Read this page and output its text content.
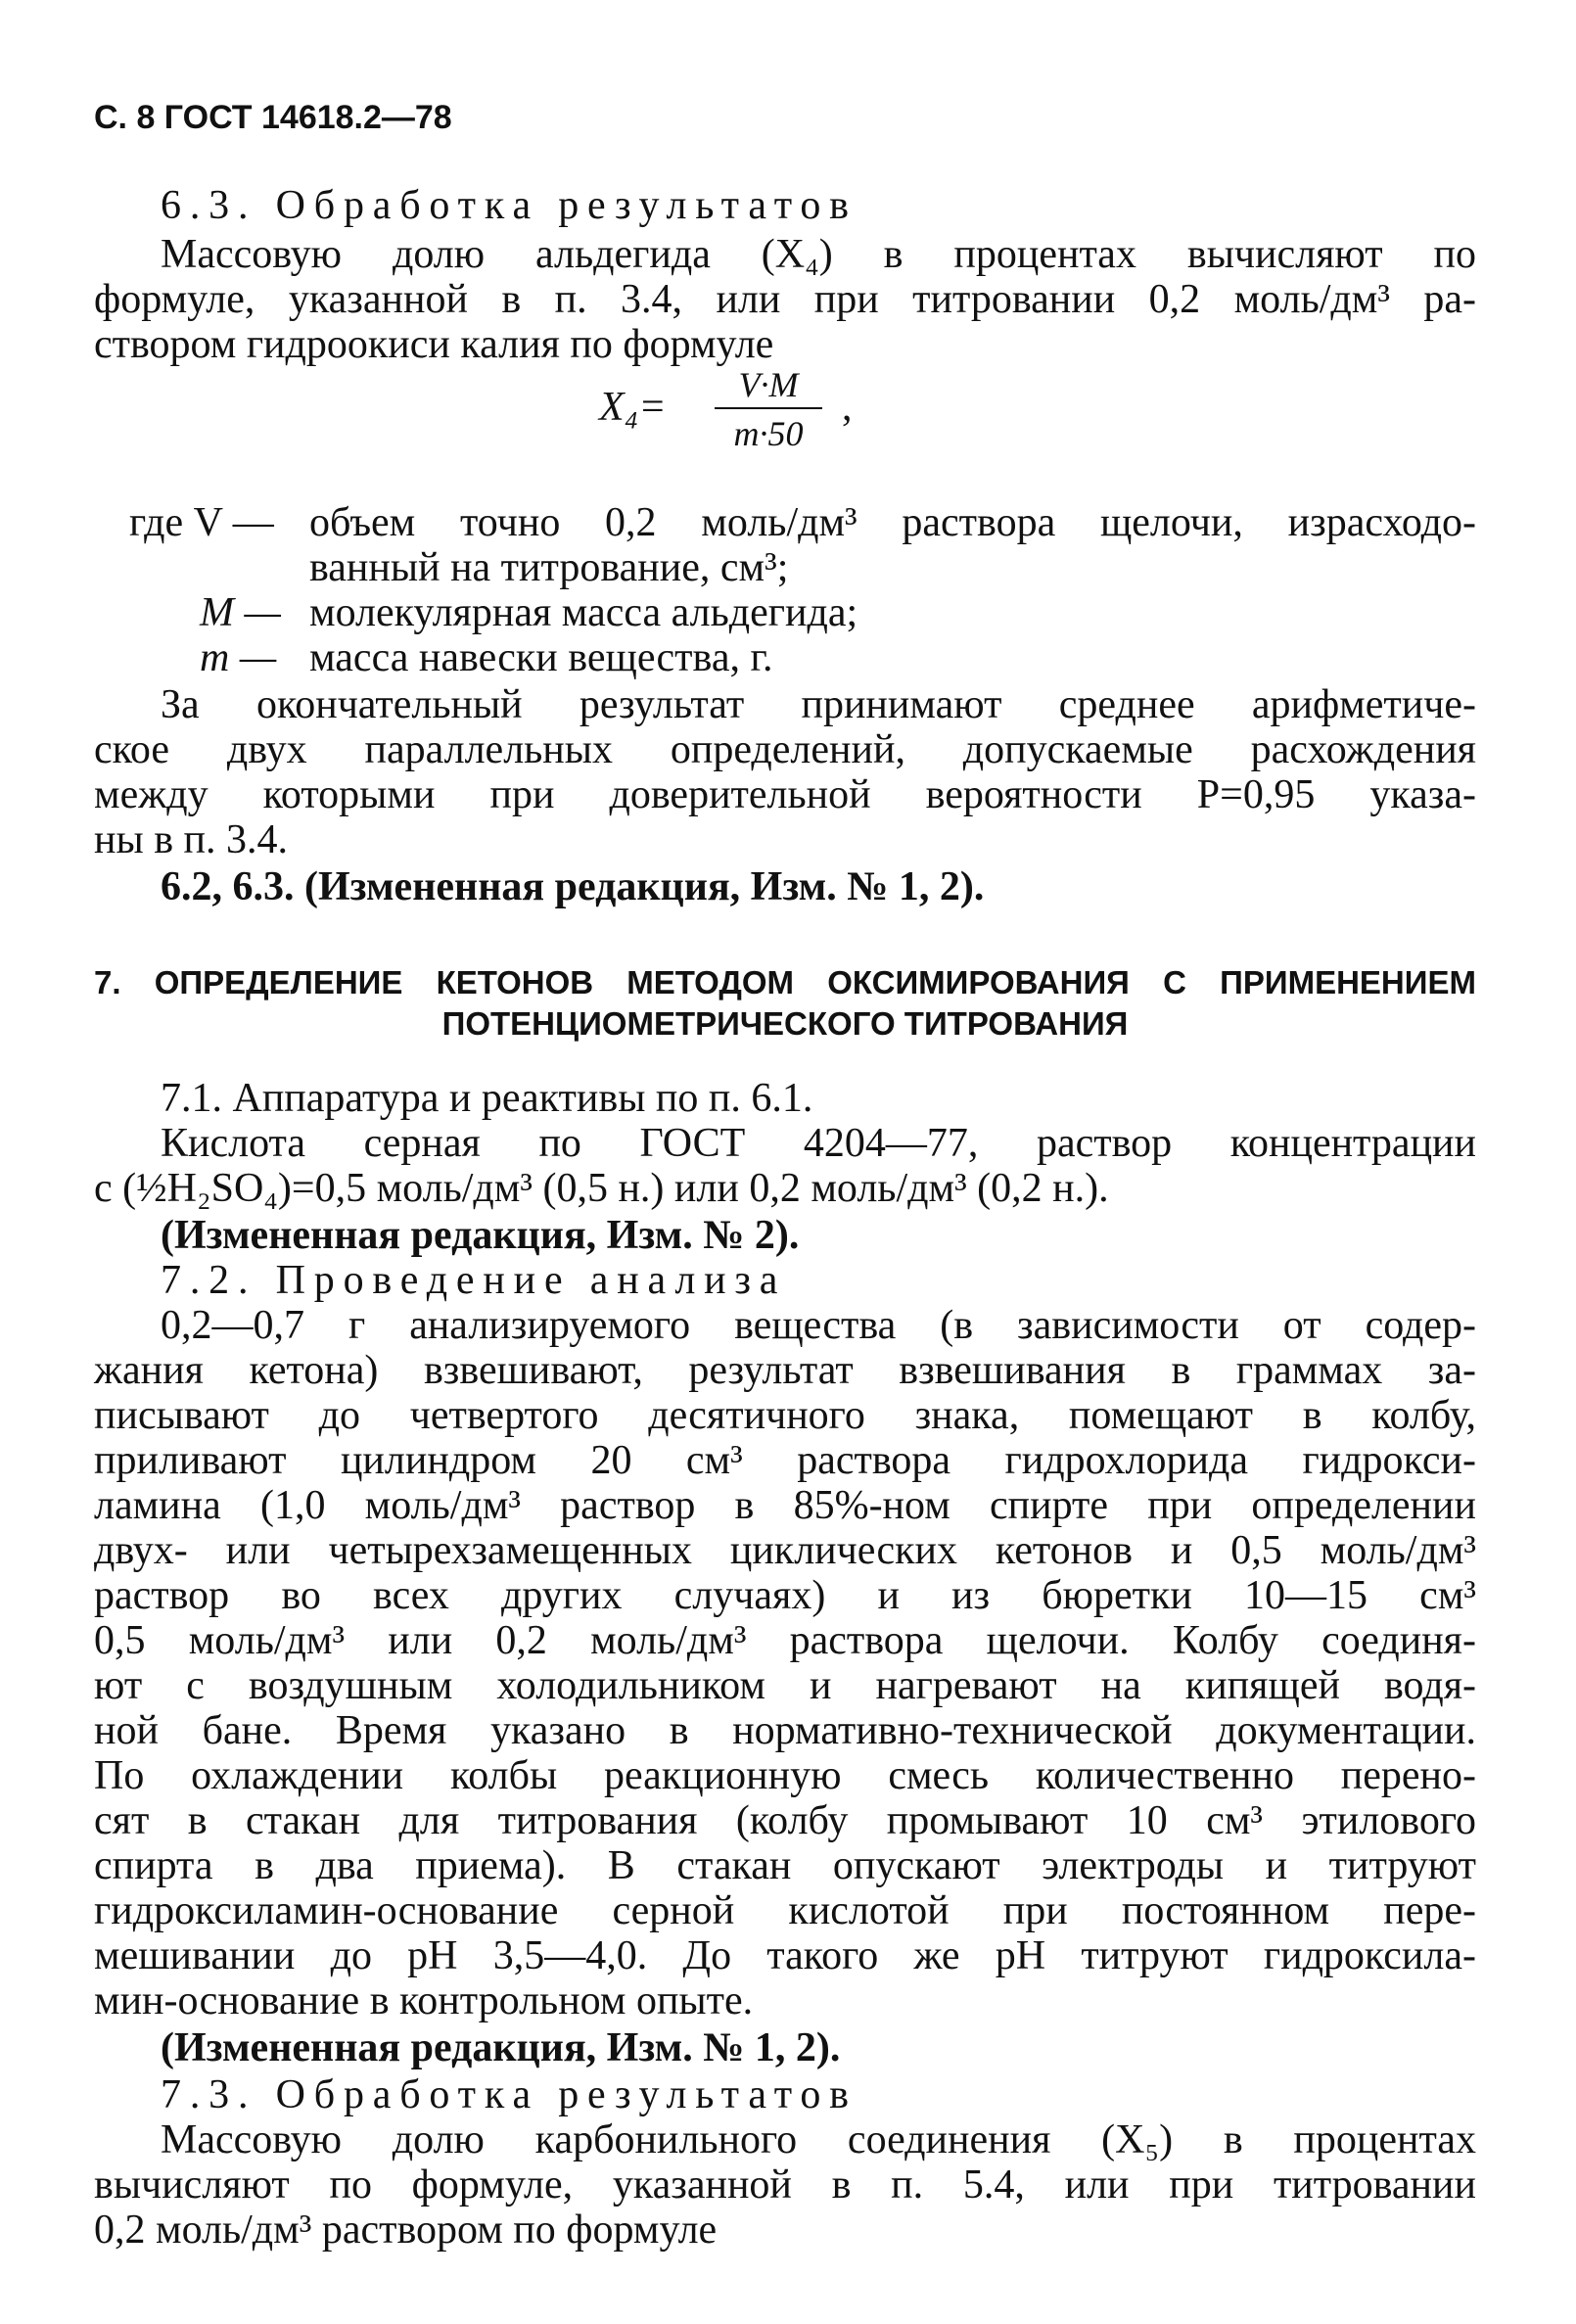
С. 8 ГОСТ 14618.2—78
6.3. Обработка результатов
Массовую долю альдегида (X₄) в процентах вычисляют по
формуле, указанной в п. 3.4, или при титровании 0,2 моль/дм³ ра-
створом гидроокиси калия по формуле
X₄=	V·M
m·50
,
где V — объем точно 0,2 моль/дм³ раствора щелочи, израсходо-
ванный на титрование, см³;
M — молекулярная масса альдегида;
m — масса навески вещества, г.
За окончательный результат принимают среднее арифметиче-
ское двух параллельных определений, допускаемые расхождения
между которыми при доверительной вероятности P=0,95 указа-
ны в п. 3.4.
6.2, 6.3. (Измененная редакция, Изм. № 1, 2).
7. ОПРЕДЕЛЕНИЕ КЕТОНОВ МЕТОДОМ ОКСИМИРОВАНИЯ С ПРИМЕНЕНИЕМ
ПОТЕНЦИОМЕТРИЧЕСКОГО ТИТРОВАНИЯ
7.1. Аппаратура и реактивы по п. 6.1.
Кислота серная по ГОСТ 4204—77, раствор концентрации
c (½H₂SO₄)=0,5 моль/дм³ (0,5 н.) или 0,2 моль/дм³ (0,2 н.).
(Измененная редакция, Изм. № 2).
7.2. Проведение анализа
0,2—0,7 г анализируемого вещества (в зависимости от содер-
жания кетона) взвешивают, результат взвешивания в граммах за-
писывают до четвертого десятичного знака, помещают в колбу,
приливают цилиндром 20 см³ раствора гидрохлорида гидрокси-
ламина (1,0 моль/дм³ раствор в 85%-ном спирте при определении
двух- или четырехзамещенных циклических кетонов и 0,5 моль/дм³
раствор во всех других случаях) и из бюретки 10—15 см³
0,5 моль/дм³ или 0,2 моль/дм³ раствора щелочи. Колбу соединя-
ют с воздушным холодильником и нагревают на кипящей водя-
ной бане. Время указано в нормативно-технической документации.
По охлаждении колбы реакционную смесь количественно перено-
сят в стакан для титрования (колбу промывают 10 см³ этилового
спирта в два приема). В стакан опускают электроды и титруют
гидроксиламин-основание серной кислотой при постоянном пере-
мешивании до pH 3,5—4,0. До такого же pH титруют гидроксила-
мин-основание в контрольном опыте.
(Измененная редакция, Изм. № 1, 2).
7.3. Обработка результатов
Массовую долю карбонильного соединения (X₅) в процентах
вычисляют по формуле, указанной в п. 5.4, или при титровании
0,2 моль/дм³ раствором по формуле
